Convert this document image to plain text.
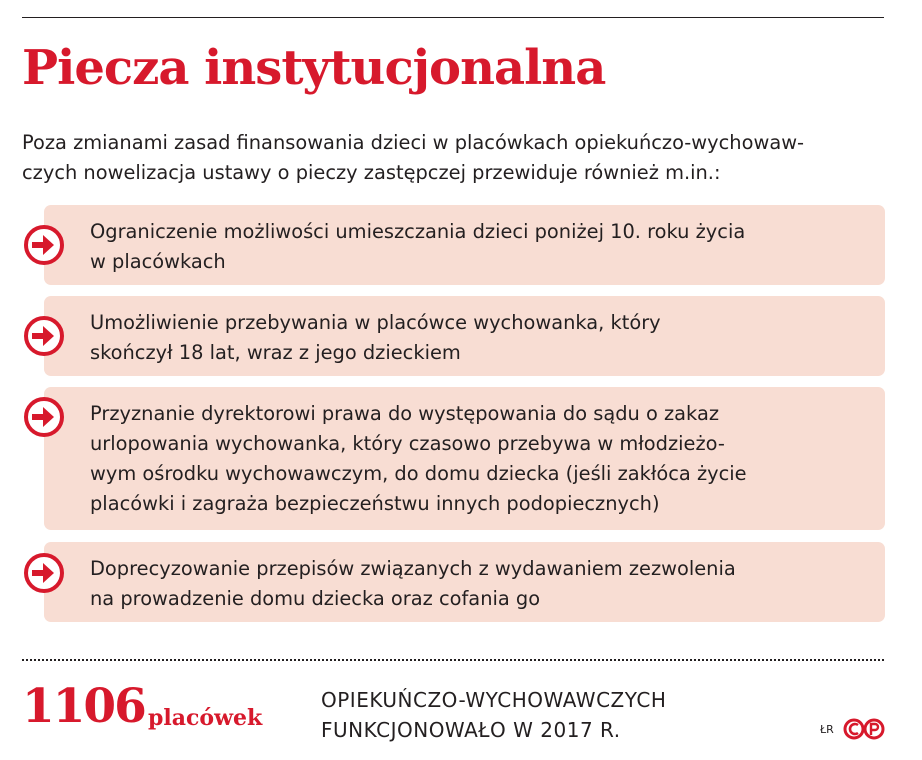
Piecza instytucjonalna

Poza zmianami zasad finansowania dzieci w placówkach opiekuńczo-wychowaw-
czych nowelizacja ustawy o pieczy zastępczej przewiduje również m.in.:

Ograniczenie możliwości umieszczania dzieci poniżej 10. roku życia
w placówkach
Umożliwienie przebywania w placówce wychowanka, który
skończył 18 lat, wraz z jego dzieckiem
Przyznanie dyrektorowi prawa do występowania do sądu o zakaz
urlopowania wychowanka, który czasowo przebywa w młodzieżo-
wym ośrodku wychowawczym, do domu dziecka (jeśli zakłóca życie
placówki i zagraża bezpieczeństwu innych podopiecznych)
Doprecyzowanie przepisów związanych z wydawaniem zezwolenia
na prowadzenie domu dziecka oraz cofania go
1106 placówek
OPIEKUŃCZO-WYCHOWAWCZYCH
FUNKCJONOWAŁO W 2017 R.	ŁR
